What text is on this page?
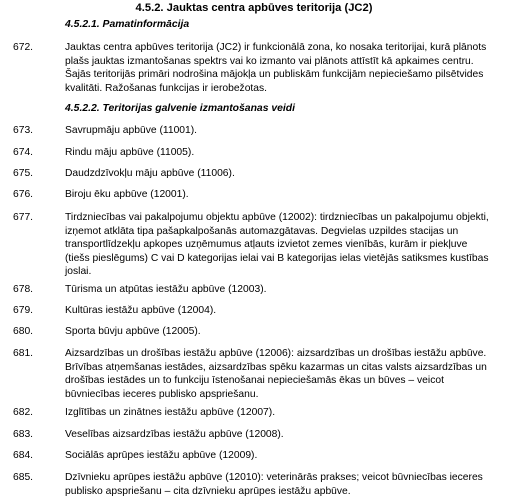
4.5.2. Jauktas centra apbūves teritorija (JC2)
4.5.2.1. Pamatinformācija
672.	Jauktas centra apbūves teritorija (JC2) ir funkcionālā zona, ko nosaka teritorijai, kurā plānots
plašs jauktas izmantošanas spektrs vai ko izmanto vai plānots attīstīt kā apkaimes centru.
Šajās teritorijās primāri nodrošina mājokļa un publiskām funkcijām nepieciešamo pilsētvides
kvalitāti. Ražošanas funkcijas ir ierobežotas.
4.5.2.2. Teritorijas galvenie izmantošanas veidi
673.	Savrupmāju apbūve (11001).
674.	Rindu māju apbūve (11005).
675.	Daudzdzīvokļu māju apbūve (11006).
676.	Biroju ēku apbūve (12001).
677.	Tirdzniecības vai pakalpojumu objektu apbūve (12002): tirdzniecības un pakalpojumu objekti,
izņemot atklāta tipa pašapkalpošanās automazgātavas. Degvielas uzpildes stacijas un
transportlīdzekļu apkopes uzņēmumus atļauts izvietot zemes vienībās, kurām ir piekļuve
(tiešs pieslēgums) C vai D kategorijas ielai vai B kategorijas ielas vietējās satiksmes kustības
joslai.
678.	Tūrisma un atpūtas iestāžu apbūve (12003).
679.	Kultūras iestāžu apbūve (12004).
680.	Sporta būvju apbūve (12005).
681.	Aizsardzības un drošības iestāžu apbūve (12006): aizsardzības un drošības iestāžu apbūve.
Brīvības atņemšanas iestādes, aizsardzības spēku kazarmas un citas valsts aizsardzības un
drošības iestādes un to funkciju īstenošanai nepieciešamās ēkas un būves – veicot
būvniecības ieceres publisko apspriešanu.
682.	Izglītības un zinātnes iestāžu apbūve (12007).
683.	Veselības aizsardzības iestāžu apbūve (12008).
684.	Sociālās aprūpes iestāžu apbūve (12009).
685.	Dzīvnieku aprūpes iestāžu apbūve (12010): veterinārās prakses; veicot būvniecības ieceres
publisko apspriešanu – cita dzīvnieku aprūpes iestāžu apbūve.
